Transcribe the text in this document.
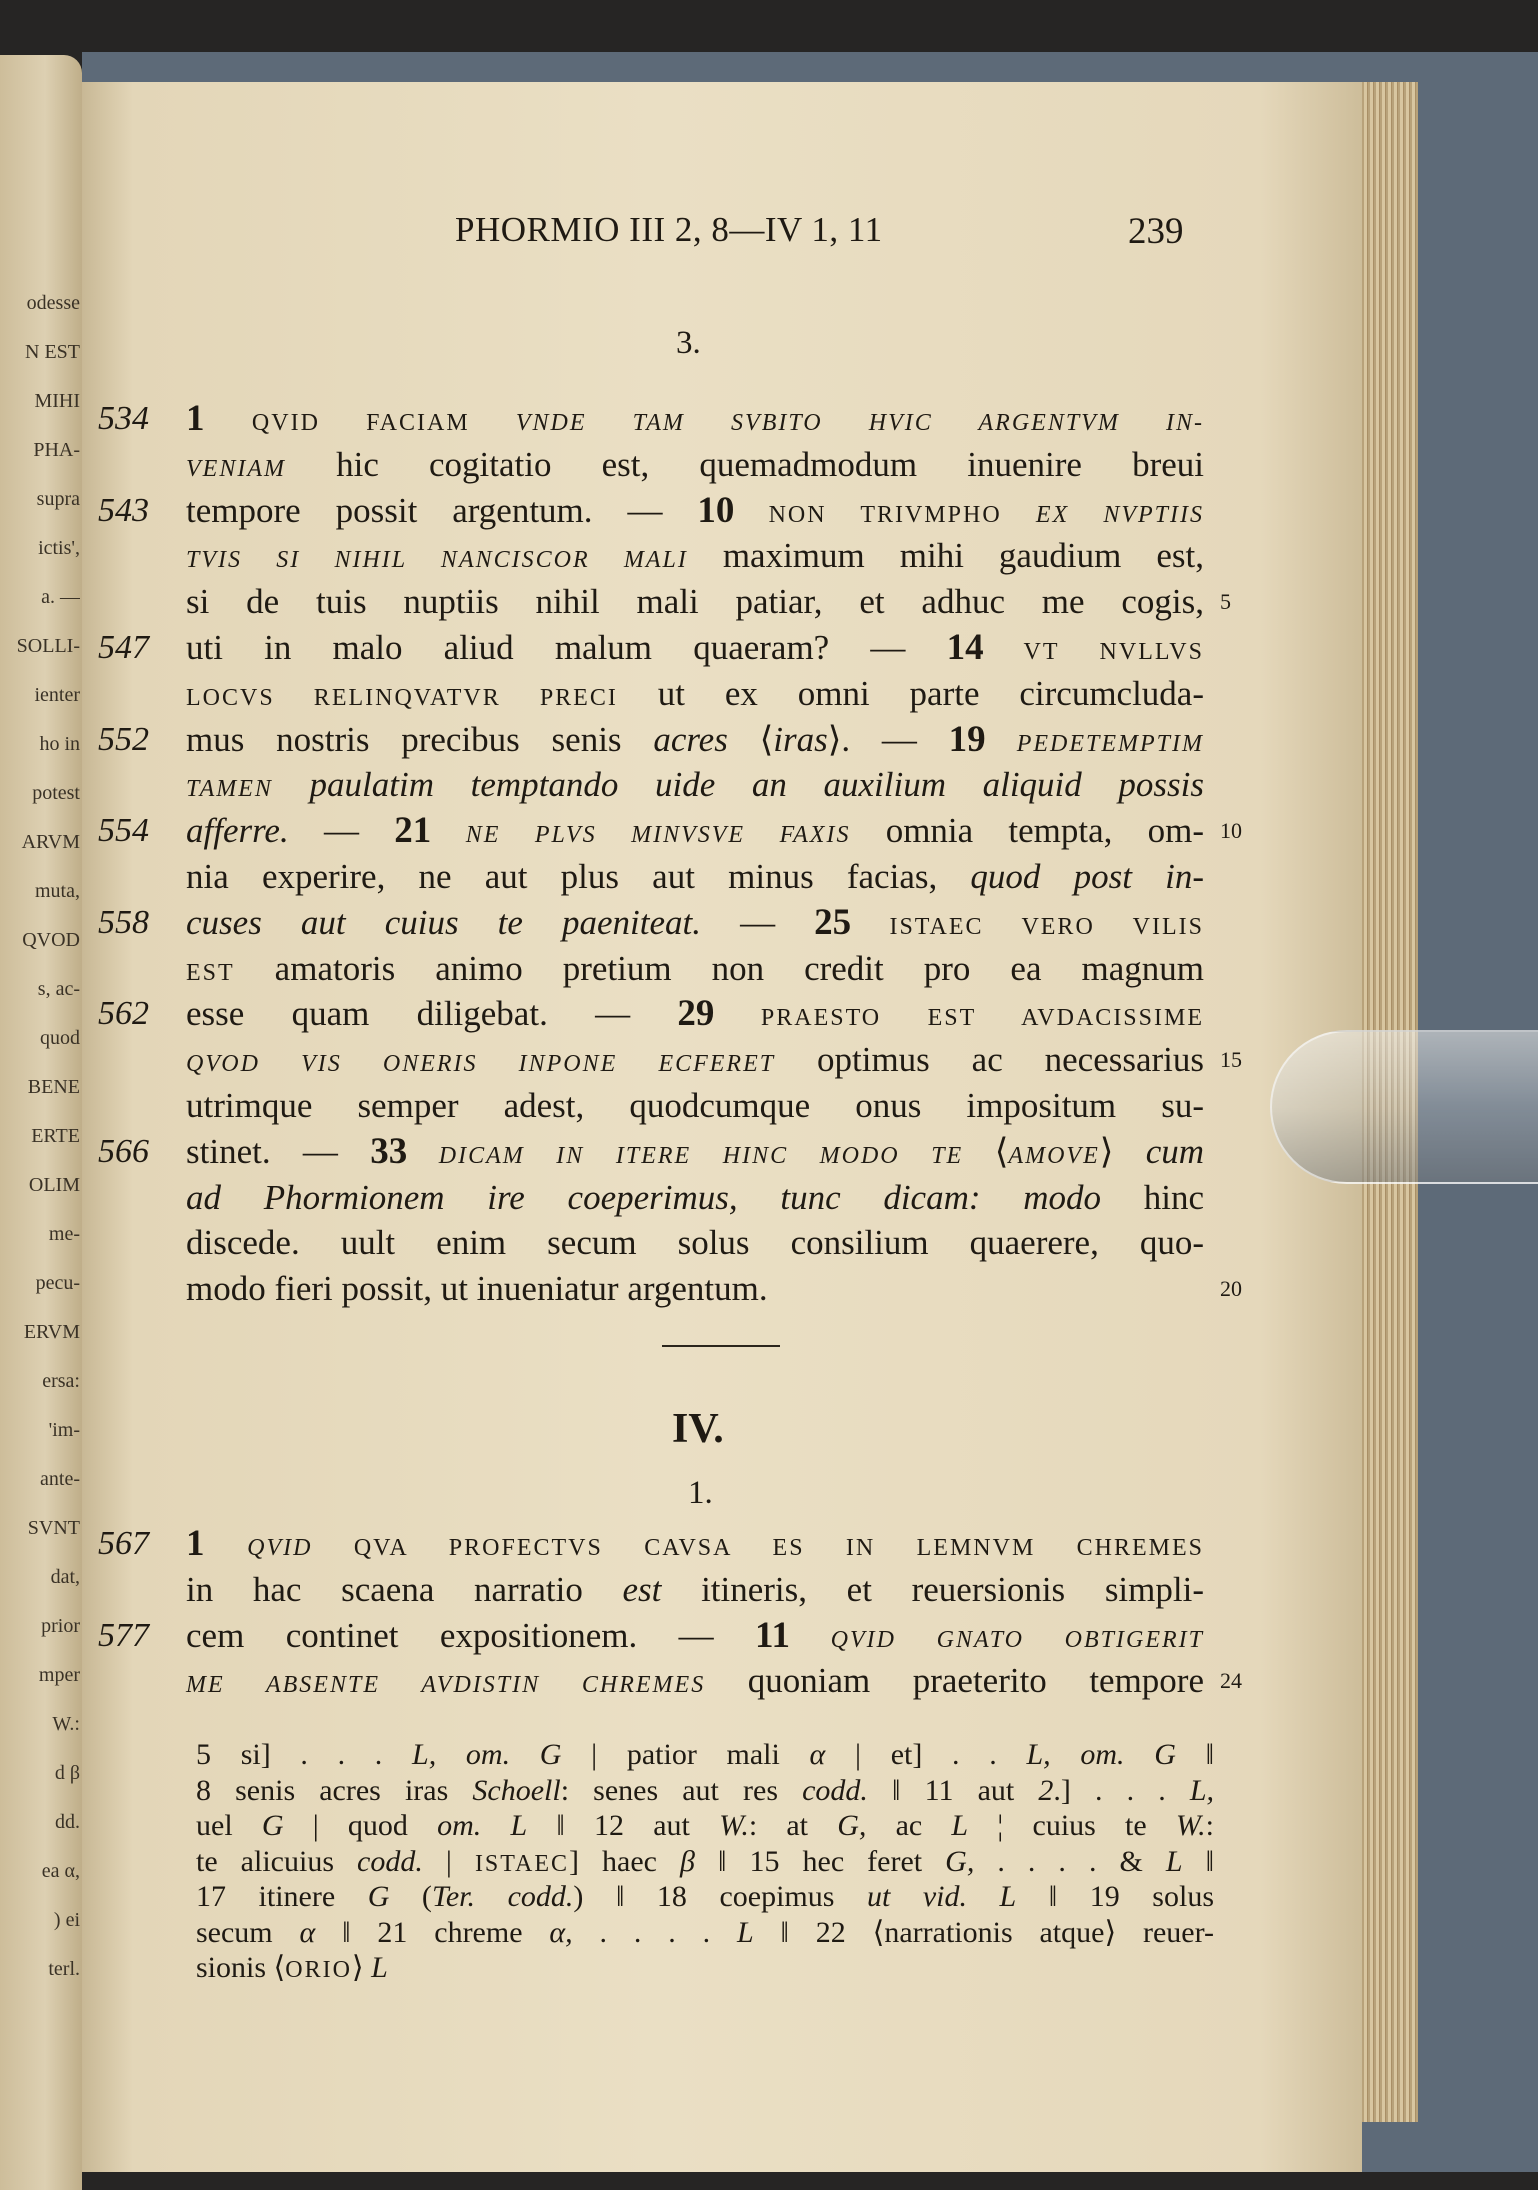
odesse
N EST
MIHI
PHA-
supra
ictis',
a. —
SOLLI-
ienter
ho in
potest
ARVM
muta,
QVOD
s, ac-
quod
BENE
ERTE
OLIM
me-
pecu-
ERVM
ersa:
'im-
ante-
SVNT
dat,
prior
mper
W.:
d β
dd.
ea α,
) ei
terl.
PHORMIO III 2, 8—IV 1, 11	239
3.
1 QVID FACIAM VNDE TAM SVBITO HVIC ARGENTVM IN-
534
VENIAM hic cogitatio est, quemadmodum inuenire breui
tempore possit argentum. — 10 NON TRIVMPHO EX NVPTIIS
543
TVIS SI NIHIL NANCISCOR MALI maximum mihi gaudium est,
si de tuis nuptiis nihil mali patiar, et adhuc me cogis, 5
uti in malo aliud malum quaeram? — 14 VT NVLLVS
547
LOCVS RELINQVATVR PRECI ut ex omni parte circumcluda-
mus nostris precibus senis acres ⟨iras⟩. — 19 PEDETEMPTIM
552
TAMEN paulatim temptando uide an auxilium aliquid possis
afferre. — 21 NE PLVS MINVSVE FAXIS omnia tempta, om-
554	10
nia experire, ne aut plus aut minus facias, quod post in-
cuses aut cuius te paeniteat. — 25 ISTAEC VERO VILIS
558
EST amatoris animo pretium non credit pro ea magnum
esse quam diligebat. — 29 PRAESTO EST AVDACISSIME
562
QVOD VIS ONERIS INPONE ECFERET optimus ac necessarius 15
utrimque semper adest, quodcumque onus impositum su-
stinet. — 33 DICAM IN ITERE HINC MODO TE ⟨AMOVE⟩ cum
566
ad Phormionem ire coeperimus, tunc dicam: modo hinc
discede. uult enim secum solus consilium quaerere, quo-
modo fieri possit, ut inueniatur argentum.	20
IV.
1.
1 QVID QVA PROFECTVS CAVSA ES IN LEMNVM CHREMES
567
in hac scaena narratio est itineris, et reuersionis simpli-
cem continet expositionem. — 11 QVID GNATO OBTIGERIT
577
ME ABSENTE AVDISTIN CHREMES quoniam praeterito tempore 24
5 si] . . . L, om. G | patior mali α | et] . . L, om. G ‖
8 senis acres iras Schoell: senes aut res codd. ‖ 11 aut 2.] . . . L,
uel G | quod om. L ‖ 12 aut W.: at G, ac L ¦ cuius te W.:
te alicuius codd. | ISTAEC] haec β ‖ 15 hec feret G, . . . . & L ‖
17 itinere G (Ter. codd.) ‖ 18 coepimus ut vid. L ‖ 19 solus
secum α ‖ 21 chreme α, . . . . L ‖ 22 ⟨narrationis atque⟩ reuer-
sionis ⟨ORIO⟩ L
